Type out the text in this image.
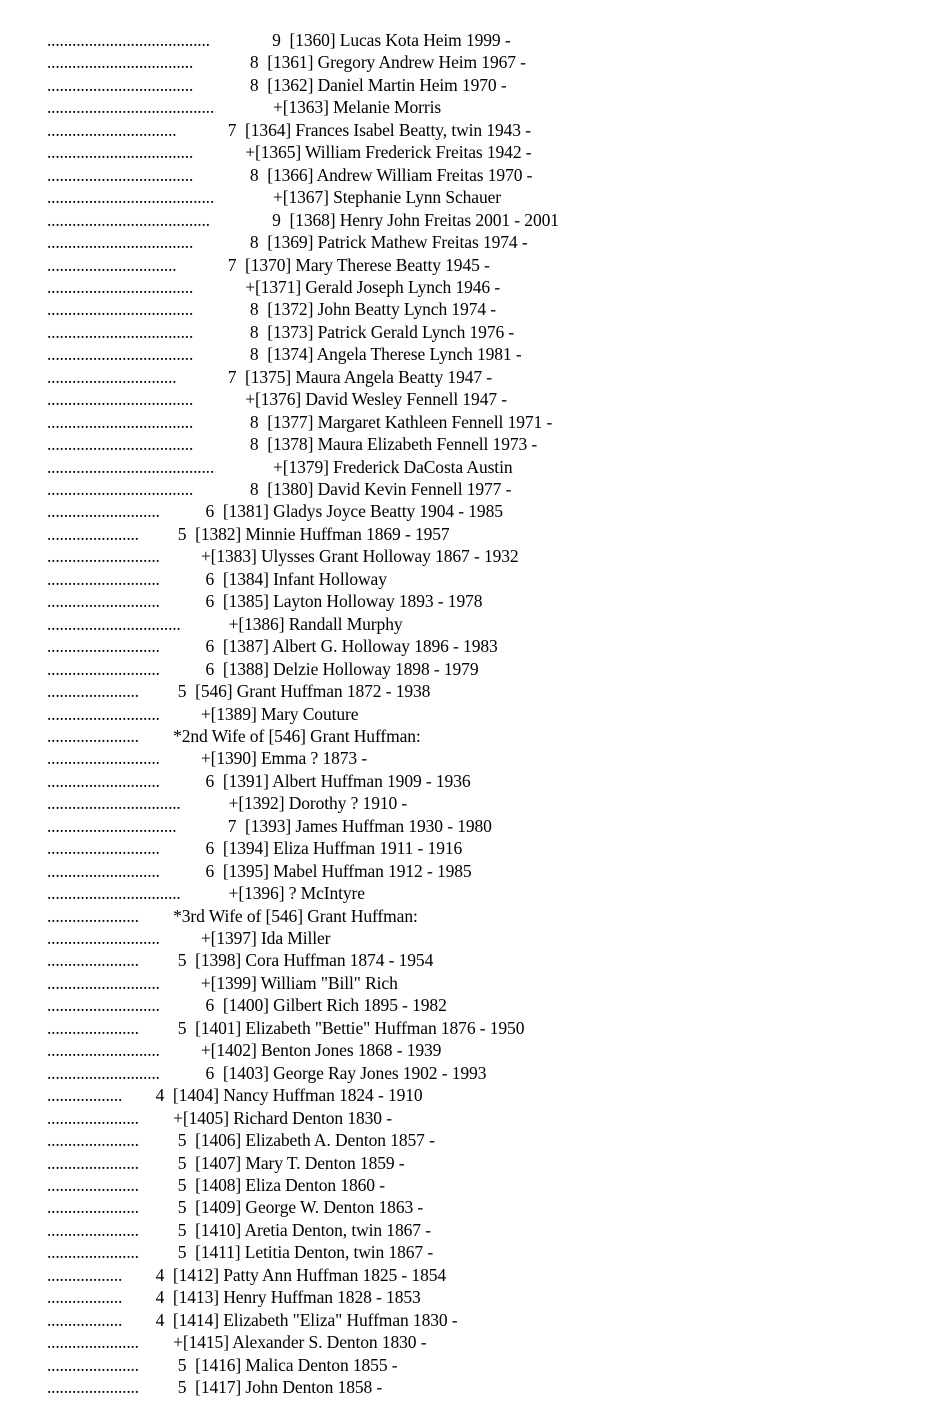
.......................................	9[1360] Lucas Kota Heim 1999 -
...................................	8[1361] Gregory Andrew Heim 1967 -
...................................	8[1362] Daniel Martin Heim 1970 -
........................................	+[1363] Melanie Morris
...............................	7[1364] Frances Isabel Beatty, twin 1943 -
...................................	+[1365] William Frederick Freitas 1942 -
...................................	8[1366] Andrew William Freitas 1970 -
........................................	+[1367] Stephanie Lynn Schauer
.......................................	9[1368] Henry John Freitas 2001 - 2001
...................................	8[1369] Patrick Mathew Freitas 1974 -
...............................	7[1370] Mary Therese Beatty 1945 -
...................................	+[1371] Gerald Joseph Lynch 1946 -
...................................	8[1372] John Beatty Lynch 1974 -
...................................	8[1373] Patrick Gerald Lynch 1976 -
...................................	8[1374] Angela Therese Lynch 1981 -
...............................	7[1375] Maura Angela Beatty 1947 -
...................................	+[1376] David Wesley Fennell 1947 -
...................................	8[1377] Margaret Kathleen Fennell 1971 -
...................................	8[1378] Maura Elizabeth Fennell 1973 -
........................................	+[1379] Frederick DaCosta Austin
...................................	8[1380] David Kevin Fennell 1977 -
...........................	6[1381] Gladys Joyce Beatty 1904 - 1985
...................... 5[1382] Minnie Huffman 1869 - 1957
........................... +[1383] Ulysses Grant Holloway 1867 - 1932
...........................	6[1384] Infant Holloway
...........................	6[1385] Layton Holloway 1893 - 1978
................................	+[1386] Randall Murphy
...........................	6[1387] Albert G. Holloway 1896 - 1983
...........................	6[1388] Delzie Holloway 1898 - 1979
...................... 5[546] Grant Huffman 1872 - 1938
........................... +[1389] Mary Couture
...................... *2nd Wife of [546] Grant Huffman:
........................... +[1390] Emma ? 1873 -
...........................	6[1391] Albert Huffman 1909 - 1936
................................	+[1392] Dorothy ? 1910 -
...............................	7[1393] James Huffman 1930 - 1980
...........................	6[1394] Eliza Huffman 1911 - 1916
...........................	6[1395] Mabel Huffman 1912 - 1985
................................	+[1396] ? McIntyre
...................... *3rd Wife of [546] Grant Huffman:
........................... +[1397] Ida Miller
...................... 5[1398] Cora Huffman 1874 - 1954
........................... +[1399] William "Bill" Rich
...........................	6[1400] Gilbert Rich 1895 - 1982
...................... 5[1401] Elizabeth "Bettie" Huffman 1876 - 1950
........................... +[1402] Benton Jones 1868 - 1939
...........................	6[1403] George Ray Jones 1902 - 1993
.................. 4[1404] Nancy Huffman 1824 - 1910
...................... +[1405] Richard Denton 1830 -
...................... 5[1406] Elizabeth A. Denton 1857 -
...................... 5[1407] Mary T. Denton 1859 -
...................... 5[1408] Eliza Denton 1860 -
...................... 5[1409] George W. Denton 1863 -
...................... 5[1410] Aretia Denton, twin 1867 -
...................... 5[1411] Letitia Denton, twin 1867 -
.................. 4[1412] Patty Ann Huffman 1825 - 1854
.................. 4[1413] Henry Huffman 1828 - 1853
.................. 4[1414] Elizabeth "Eliza" Huffman 1830 -
...................... +[1415] Alexander S. Denton 1830 -
...................... 5[1416] Malica Denton 1855 -
...................... 5[1417] John Denton 1858 -
